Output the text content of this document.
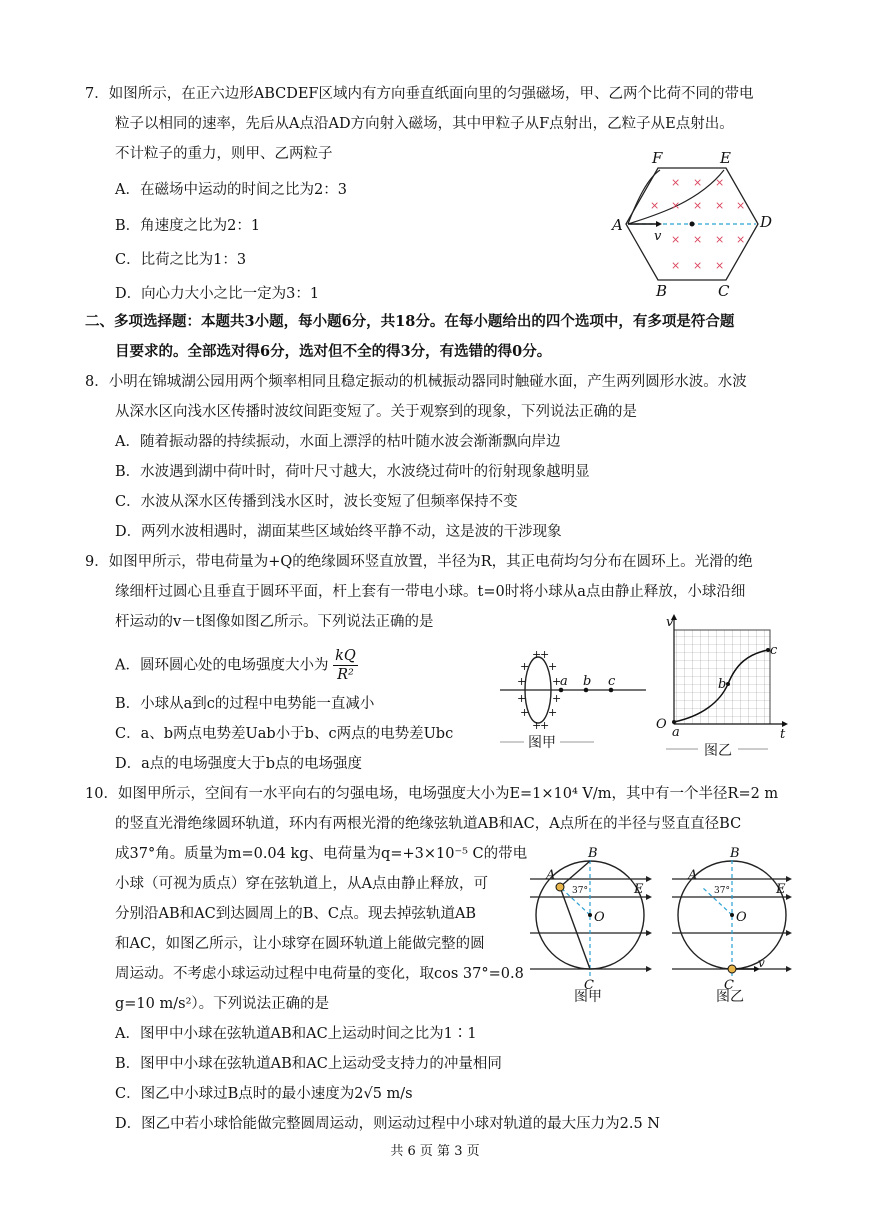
7．如图所示，在正六边形ABCDEF区域内有方向垂直纸面向里的匀强磁场，甲、乙两个比荷不同的带电
粒子以相同的速率，先后从A点沿AD方向射入磁场，其中甲粒子从F点射出，乙粒子从E点射出。
不计粒子的重力，则甲、乙两粒子
A．在磁场中运动的时间之比为2：3
B．角速度之比为2：1
C．比荷之比为1：3
D．向心力大小之比一定为3：1
× × ×
× × × × ×
× × × ×
× × ×
F	E
A	D
B	C
v
二、多项选择题：本题共3小题，每小题6分，共18分。在每小题给出的四个选项中，有多项是符合题
目要求的。全部选对得6分，选对但不全的得3分，有选错的得0分。
8．小明在锦城湖公园用两个频率相同且稳定振动的机械振动器同时触碰水面，产生两列圆形水波。水波
从深水区向浅水区传播时波纹间距变短了。关于观察到的现象，下列说法正确的是
A．随着振动器的持续振动，水面上漂浮的枯叶随水波会渐渐飘向岸边
B．水波遇到湖中荷叶时，荷叶尺寸越大，水波绕过荷叶的衍射现象越明显
C．水波从深水区传播到浅水区时，波长变短了但频率保持不变
D．两列水波相遇时，湖面某些区域始终平静不动，这是波的干涉现象
9．如图甲所示，带电荷量为+Q的绝缘圆环竖直放置，半径为R，其正电荷均匀分布在圆环上。光滑的绝
缘细杆过圆心且垂直于圆环平面，杆上套有一带电小球。t=0时将小球从a点由静止释放，小球沿细
杆运动的v－t图像如图乙所示。下列说法正确的是
A．圆环圆心处的电场强度大小为 $\frac{kQ}{\text{R²}}$
B．小球从a到c的过程中电势能一直减小
C．a、b两点电势差Uab小于b、c两点的电势差Ubc
D．a点的电场强度大于b点的电场强度
+
+
+ +
+ +
+ +
+ +
+
+
a b c
图甲
v
t
O
a
b
c
图乙
10．如图甲所示，空间有一水平向右的匀强电场，电场强度大小为E=1×10⁴ V/m，其中有一个半径R=2 m
的竖直光滑绝缘圆环轨道，环内有两根光滑的绝缘弦轨道AB和AC，A点所在的半径与竖直直径BC
成37°角。质量为m=0.04 kg、电荷量为q=+3×10⁻⁵ C的带电
小球（可视为质点）穿在弦轨道上，从A点由静止释放，可
分别沿AB和AC到达圆周上的B、C点。现去掉弦轨道AB
和AC，如图乙所示，让小球穿在圆环轨道上能做完整的圆
周运动。不考虑小球运动过程中电荷量的变化，取cos 37°=0.8
g=10 m/s²）。下列说法正确的是
A．图甲中小球在弦轨道AB和AC上运动时间之比为1∶1
B．图甲中小球在弦轨道AB和AC上运动受支持力的冲量相同
C．图乙中小球过B点时的最小速度为2√5 m/s
D．图乙中若小球恰能做完整圆周运动，则运动过程中小球对轨道的最大压力为2.5 N
B
A
E
O
C
37°
图甲
B
A
E
O
C
37°
v
图乙
共 6 页 第 3 页
